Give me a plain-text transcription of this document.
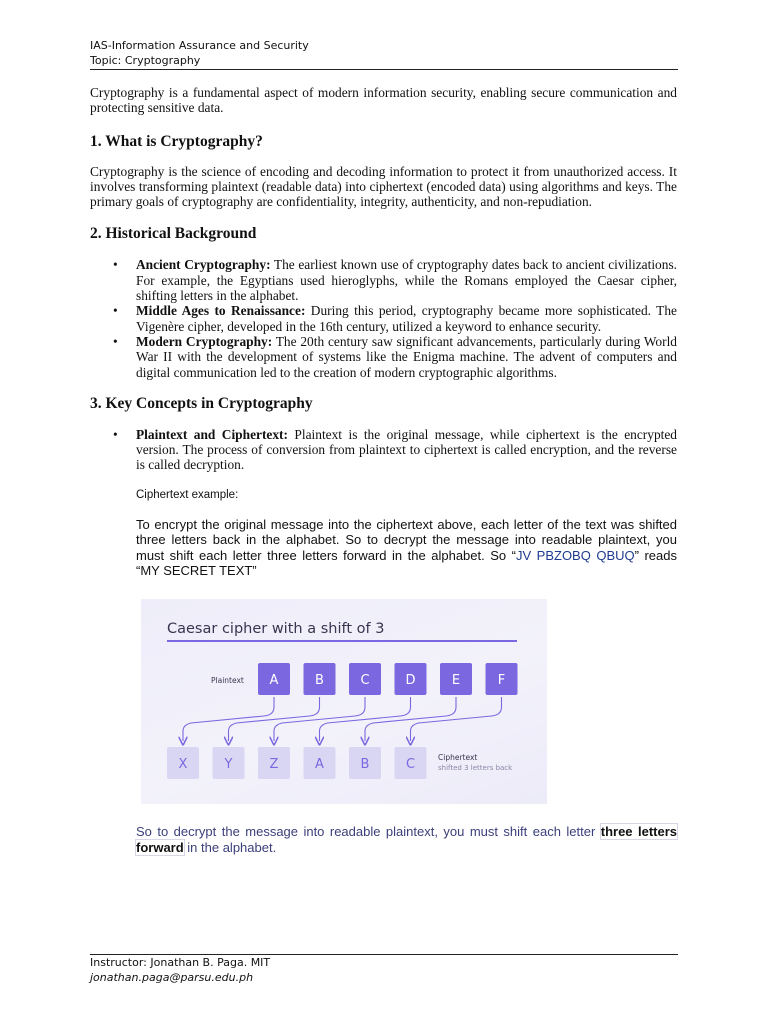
IAS-Information Assurance and Security
Topic: Cryptography

Cryptography is a fundamental aspect of modern information security, enabling secure communication and protecting sensitive data.

1. What is Cryptography?

Cryptography is the science of encoding and decoding information to protect it from unauthorized access. It involves transforming plaintext (readable data) into ciphertext (encoded data) using algorithms and keys. The primary goals of cryptography are confidentiality, integrity, authenticity, and non-repudiation.

2. Historical Background
• Ancient Cryptography: The earliest known use of cryptography dates back to ancient civilizations. For example, the Egyptians used hieroglyphs, while the Romans employed the Caesar cipher, shifting letters in the alphabet.
• Middle Ages to Renaissance: During this period, cryptography became more sophisticated. The Vigenère cipher, developed in the 16th century, utilized a keyword to enhance security.
• Modern Cryptography: The 20th century saw significant advancements, particularly during World War II with the development of systems like the Enigma machine. The advent of computers and digital communication led to the creation of modern cryptographic algorithms.
3. Key Concepts in Cryptography
• Plaintext and Ciphertext: Plaintext is the original message, while ciphertext is the encrypted version. The process of conversion from plaintext to ciphertext is called encryption, and the reverse is called decryption.
Ciphertext example:

To encrypt the original message into the ciphertext above, each letter of the text was shifted three letters back in the alphabet. So to decrypt the message into readable plaintext, you must shift each letter three letters forward in the alphabet. So “JV PBZOBQ QBUQ” reads “MY SECRET TEXT”

Caesar cipher with a shift of 3
Plaintext A	B	C	D	E	F
X	Y	Z	A	B	C	Ciphertext
shifted 3 letters back

So to decrypt the message into readable plaintext, you must shift each letter three letters forward in the alphabet.

Instructor: Jonathan B. Paga. MIT
jonathan.paga@parsu.edu.ph
